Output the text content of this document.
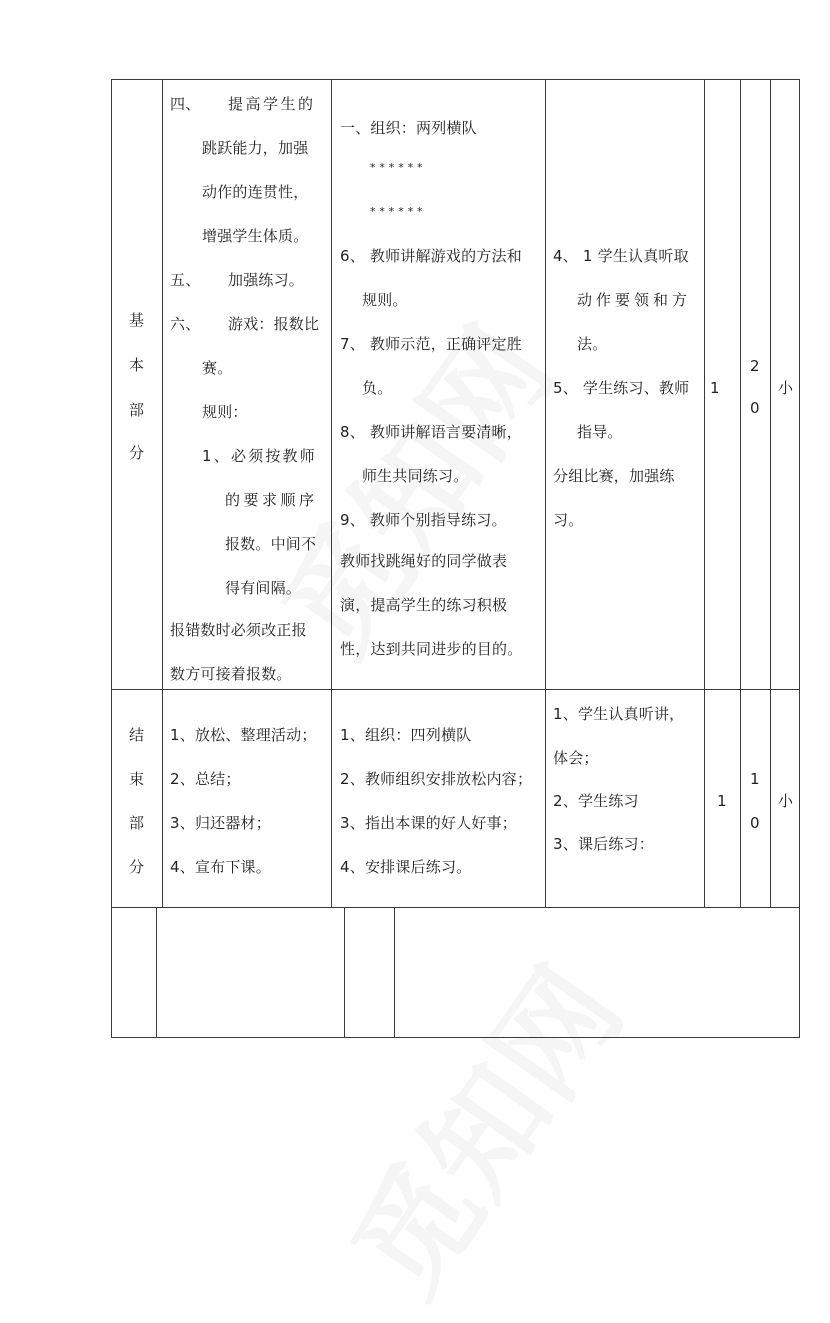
基
本
部
分
四、 提高学生的
跳跃能力，加强
动作的连贯性，
增强学生体质。
五、 加强练习。
六、 游戏：报数比
赛。
规则：
1、必须按教师
的要求顺序
报数。中间不
得有间隔。
报错数时必须改正报
数方可接着报数。
一、组织：两列横队
* * * * * *
* * * * * *
6、 教师讲解游戏的方法和
规则。
7、 教师示范，正确评定胜
负。
8、 教师讲解语言要清晰，
师生共同练习。
9、 教师个别指导练习。
教师找跳绳好的同学做表
演，提高学生的练习积极
性，达到共同进步的目的。
4、 1 学生认真听取
动作要领和方
法。
5、 学生练习、教师
指导。
分组比赛，加强练
习。
1
2
0
小
结
束
部
分
1、放松、整理活动；
2、总结；
3、归还器材；
4、宣布下课。
1、组织：四列横队
2、教师组织安排放松内容；
3、指出本课的好人好事；
4、安排课后练习。
1、学生认真听讲，
体会；
2、学生练习
3、课后练习：
1
1
0
小
